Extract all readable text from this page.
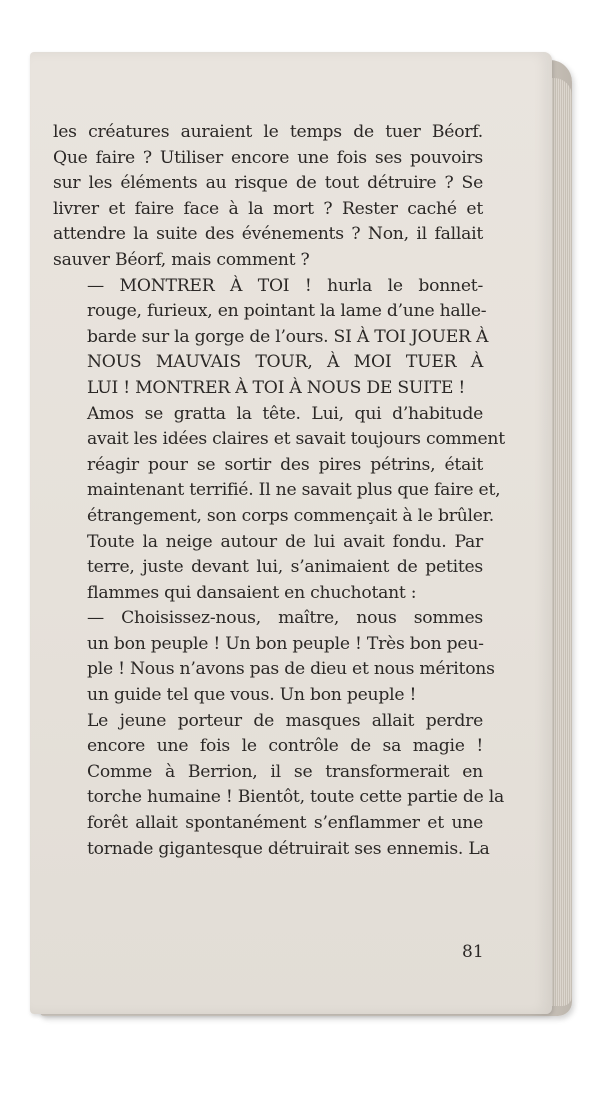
les créatures auraient le temps de tuer Béorf.
Que faire ? Utiliser encore une fois ses pouvoirs
sur les éléments au risque de tout détruire ? Se
livrer et faire face à la mort ? Rester caché et
attendre la suite des événements ? Non, il fallait
sauver Béorf, mais comment ?

— MONTRER À TOI ! hurla le bonnet-
rouge, furieux, en pointant la lame d’une halle-
barde sur la gorge de l’ours. SI À TOI JOUER À
NOUS MAUVAIS TOUR, À MOI TUER À
LUI ! MONTRER À TOI À NOUS DE SUITE !

Amos se gratta la tête. Lui, qui d’habitude
avait les idées claires et savait toujours comment
réagir pour se sortir des pires pétrins, était
maintenant terrifié. Il ne savait plus que faire et,
étrangement, son corps commençait à le brûler.
Toute la neige autour de lui avait fondu. Par
terre, juste devant lui, s’animaient de petites
flammes qui dansaient en chuchotant :

— Choisissez-nous, maître, nous sommes
un bon peuple ! Un bon peuple ! Très bon peu-
ple ! Nous n’avons pas de dieu et nous méritons
un guide tel que vous. Un bon peuple !

Le jeune porteur de masques allait perdre
encore une fois le contrôle de sa magie !
Comme à Berrion, il se transformerait en
torche humaine ! Bientôt, toute cette partie de la
forêt allait spontanément s’enflammer et une
tornade gigantesque détruirait ses ennemis. La

81
